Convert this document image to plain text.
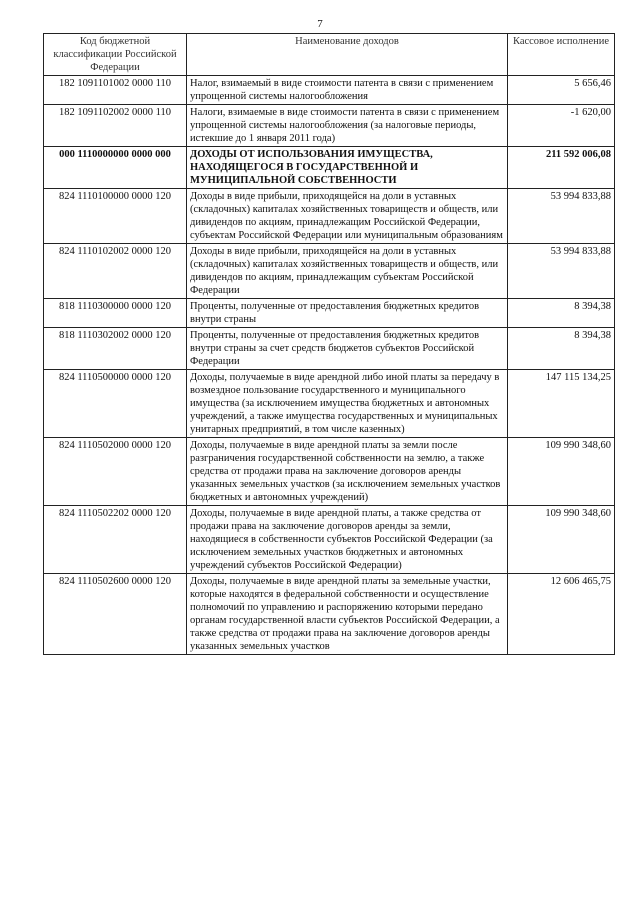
7
Код бюджетной классификации Российской Федерации	Наименование доходов	Кассовое исполнение
182 1091101002 0000 110	Налог, взимаемый в виде стоимости патента в связи с применением упрощенной системы налогообложения	5 656,46
182 1091102002 0000 110	Налоги, взимаемые в виде стоимости патента в связи с применением упрощенной системы налогообложения (за налоговые периоды, истекшие до 1 января 2011 года)	-1 620,00
000 1110000000 0000 000	ДОХОДЫ ОТ ИСПОЛЬЗОВАНИЯ ИМУЩЕСТВА, НАХОДЯЩЕГОСЯ В ГОСУДАРСТВЕННОЙ И МУНИЦИПАЛЬНОЙ СОБСТВЕННОСТИ	211 592 006,08
824 1110100000 0000 120	Доходы в виде прибыли, приходящейся на доли в уставных (складочных) капиталах хозяйственных товариществ и обществ, или дивидендов по акциям, принадлежащим Российской Федерации, субъектам Российской Федерации или муниципальным образованиям	53 994 833,88
824 1110102002 0000 120	Доходы в виде прибыли, приходящейся на доли в уставных (складочных) капиталах хозяйственных товариществ и обществ, или дивидендов по акциям, принадлежащим субъектам Российской Федерации	53 994 833,88
818 1110300000 0000 120	Проценты, полученные от предоставления бюджетных кредитов внутри страны	8 394,38
818 1110302002 0000 120	Проценты, полученные от предоставления бюджетных кредитов внутри страны за счет средств бюджетов субъектов Российской Федерации	8 394,38
824 1110500000 0000 120	Доходы, получаемые в виде арендной либо иной платы за передачу в возмездное пользование государственного и муниципального имущества (за исключением имущества бюджетных и автономных учреждений, а также имущества государственных и муниципальных унитарных предприятий, в том числе казенных)	147 115 134,25
824 1110502000 0000 120	Доходы, получаемые в виде арендной платы за земли после разграничения государственной собственности на землю, а также средства от продажи права на заключение договоров аренды указанных земельных участков (за исключением земельных участков бюджетных и автономных учреждений)	109 990 348,60
824 1110502202 0000 120	Доходы, получаемые в виде арендной платы, а также средства от продажи права на заключение договоров аренды за земли, находящиеся в собственности субъектов Российской Федерации (за исключением земельных участков бюджетных и автономных учреждений субъектов Российской Федерации)	109 990 348,60
824 1110502600 0000 120	Доходы, получаемые в виде арендной платы за земельные участки, которые находятся в федеральной собственности и осуществление полномочий по управлению и распоряжению которыми передано органам государственной власти субъектов Российской Федерации, а также средства от продажи права на заключение договоров аренды указанных земельных участков	12 606 465,75
